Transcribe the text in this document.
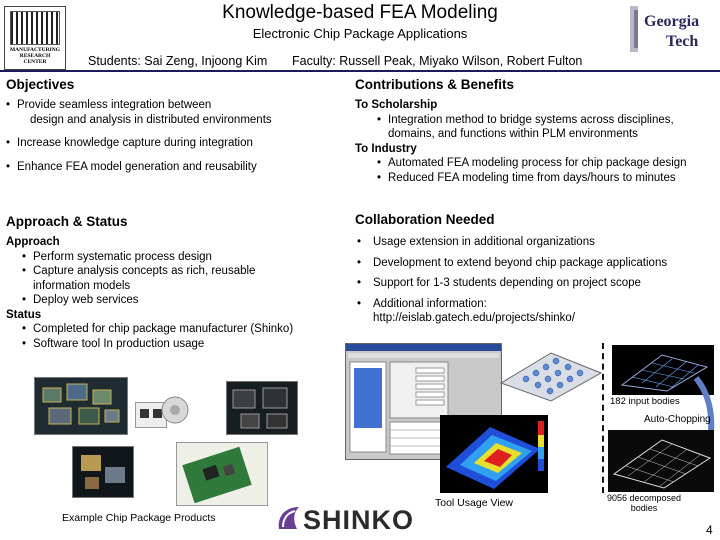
Knowledge-based FEA Modeling
Electronic Chip Package Applications
Students: Sai Zeng, Injoong Kim Faculty: Russell Peak, Miyako Wilson, Robert Fulton
MANUFACTURING
RESEARCH
CENTER
Georgia
Tech
Objectives
• Provide seamless integration between
design and analysis in distributed environments
• Increase knowledge capture during integration
• Enhance FEA model generation and reusability
Contributions & Benefits
To Scholarship
• Integration method to bridge systems across disciplines,
domains, and functions within PLM environments
To Industry
• Automated FEA modeling process for chip package design
• Reduced FEA modeling time from days/hours to minutes
Approach & Status
Approach
• Perform systematic process design
• Capture analysis concepts as rich, reusable
information models
• Deploy web services
Status
• Completed for chip package manufacturer (Shinko)
• Software tool In production usage
Collaboration Needed
• Usage extension in additional organizations
• Development to extend beyond chip package applications
• Support for 1-3 students depending on project scope
• Additional information:
http://eislab.gatech.edu/projects/shinko/
Example Chip Package Products	SHINKO
182 input bodies
Auto-Chopping
Tool Usage View	9056 decomposed
bodies
4
